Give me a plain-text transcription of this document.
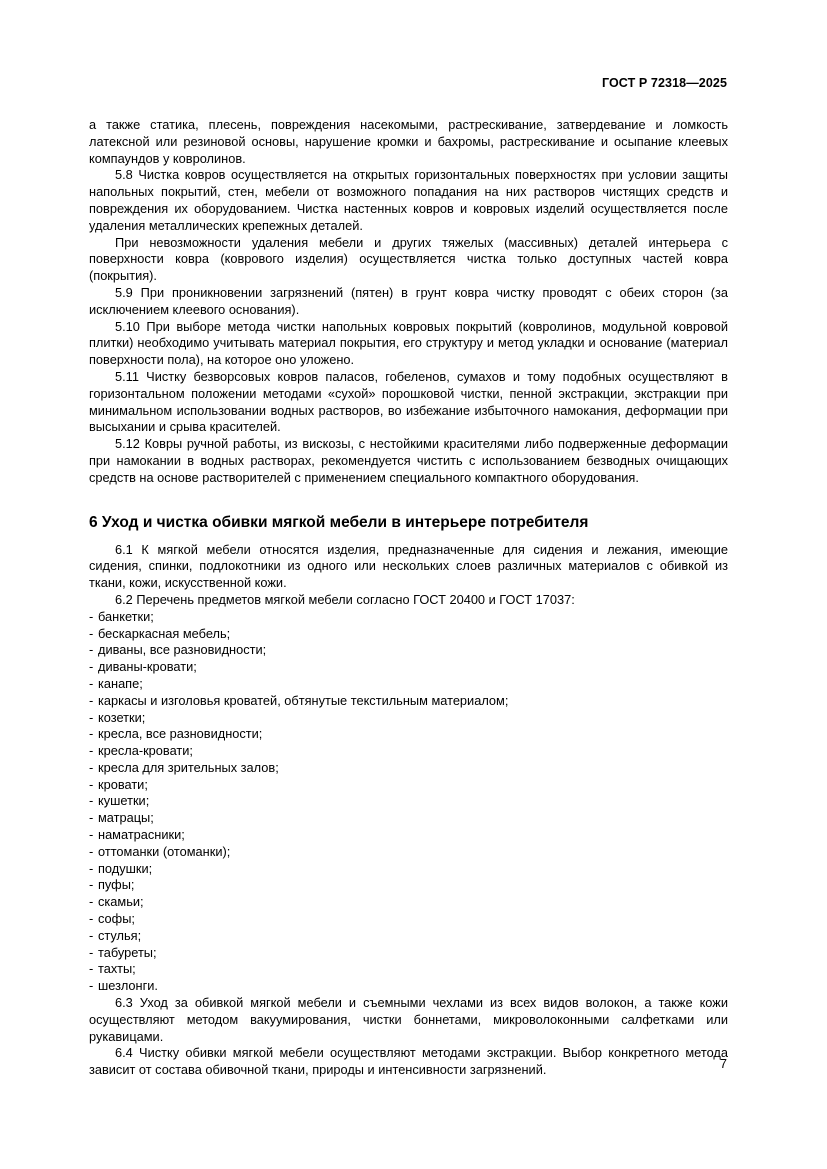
ГОСТ Р 72318—2025

а также статика, плесень, повреждения насекомыми, растрескивание, затвердевание и ломкость латексной или резиновой основы, нарушение кромки и бахромы, растрескивание и осыпание клеевых компаундов у ковролинов.

5.8 Чистка ковров осуществляется на открытых горизонтальных поверхностях при условии защиты напольных покрытий, стен, мебели от возможного попадания на них растворов чистящих средств и повреждения их оборудованием. Чистка настенных ковров и ковровых изделий осуществляется после удаления металлических крепежных деталей.

При невозможности удаления мебели и других тяжелых (массивных) деталей интерьера с поверхности ковра (коврового изделия) осуществляется чистка только доступных частей ковра (покрытия).

5.9 При проникновении загрязнений (пятен) в грунт ковра чистку проводят с обеих сторон (за исключением клеевого основания).

5.10 При выборе метода чистки напольных ковровых покрытий (ковролинов, модульной ковровой плитки) необходимо учитывать материал покрытия, его структуру и метод укладки и основание (материал поверхности пола), на которое оно уложено.

5.11 Чистку безворсовых ковров паласов, гобеленов, сумахов и тому подобных осуществляют в горизонтальном положении методами «сухой» порошковой чистки, пенной экстракции, экстракции при минимальном использовании водных растворов, во избежание избыточного намокания, деформации при высыхании и срыва красителей.

5.12 Ковры ручной работы, из вискозы, с нестойкими красителями либо подверженные деформации при намокании в водных растворах, рекомендуется чистить с использованием безводных очищающих средств на основе растворителей с применением специального компактного оборудования.

6 Уход и чистка обивки мягкой мебели в интерьере потребителя

6.1 К мягкой мебели относятся изделия, предназначенные для сидения и лежания, имеющие сидения, спинки, подлокотники из одного или нескольких слоев различных материалов с обивкой из ткани, кожи, искусственной кожи.

6.2 Перечень предметов мягкой мебели согласно ГОСТ 20400 и ГОСТ 17037:

- банкетки;
- бескаркасная мебель;
- диваны, все разновидности;
- диваны-кровати;
- канапе;
- каркасы и изголовья кроватей, обтянутые текстильным материалом;
- козетки;
- кресла, все разновидности;
- кресла-кровати;
- кресла для зрительных залов;
- кровати;
- кушетки;
- матрацы;
- наматрасники;
- оттоманки (отоманки);
- подушки;
- пуфы;
- скамьи;
- софы;
- стулья;
- табуреты;
- тахты;
- шезлонги.

6.3 Уход за обивкой мягкой мебели и съемными чехлами из всех видов волокон, а также кожи осуществляют методом вакуумирования, чистки боннетами, микроволоконными салфетками или рукавицами.

6.4 Чистку обивки мягкой мебели осуществляют методами экстракции. Выбор конкретного метода зависит от состава обивочной ткани, природы и интенсивности загрязнений.	7
